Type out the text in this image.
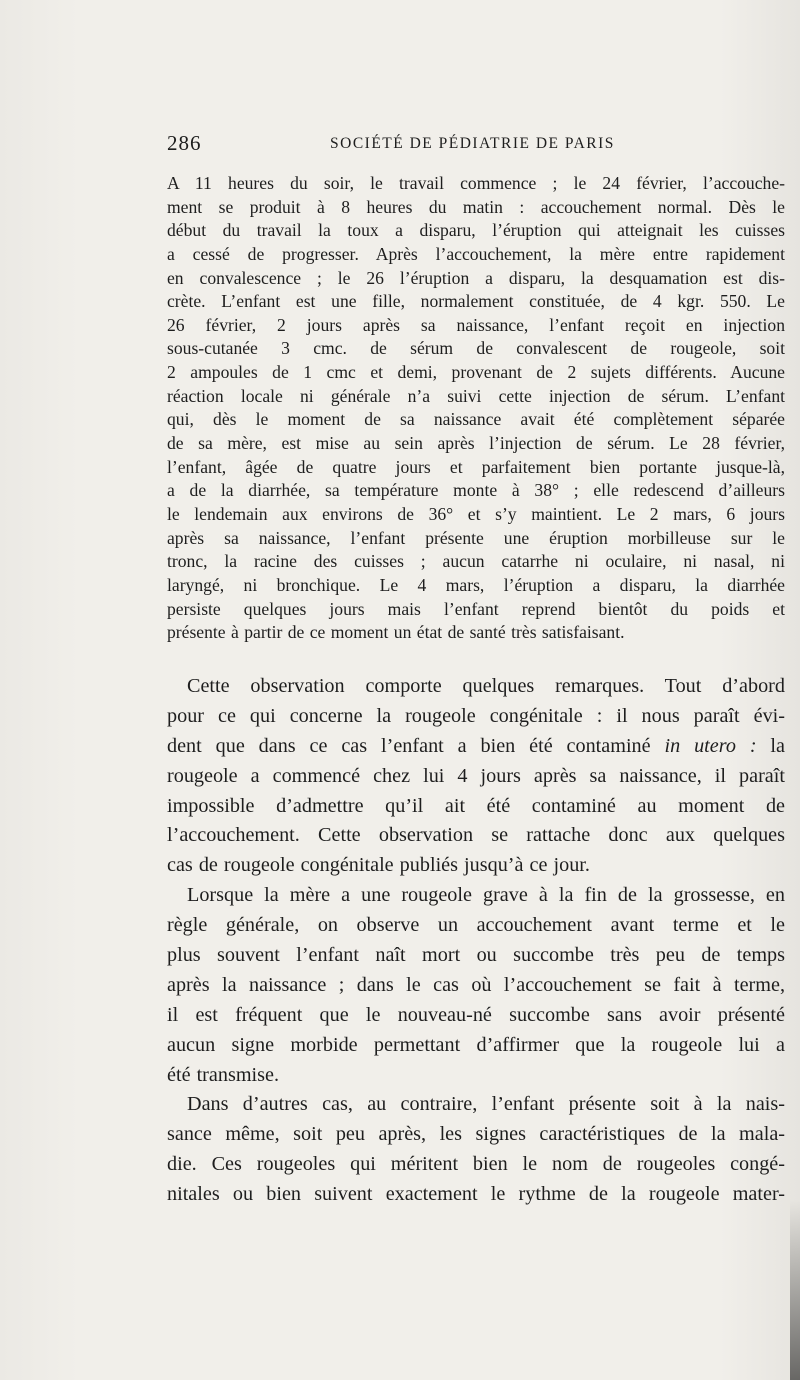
286	SOCIÉTÉ DE PÉDIATRIE DE PARIS
A 11 heures du soir, le travail commence ; le 24 février, l’accouche-
ment se produit à 8 heures du matin : accouchement normal. Dès le
début du travail la toux a disparu, l’éruption qui atteignait les cuisses
a cessé de progresser. Après l’accouchement, la mère entre rapidement
en convalescence ; le 26 l’éruption a disparu, la desquamation est dis-
crète. L’enfant est une fille, normalement constituée, de 4 kgr. 550. Le
26 février, 2 jours après sa naissance, l’enfant reçoit en injection
sous-cutanée 3 cmc. de sérum de convalescent de rougeole, soit
2 ampoules de 1 cmc et demi, provenant de 2 sujets différents. Aucune
réaction locale ni générale n’a suivi cette injection de sérum. L’enfant
qui, dès le moment de sa naissance avait été complètement séparée
de sa mère, est mise au sein après l’injection de sérum. Le 28 février,
l’enfant, âgée de quatre jours et parfaitement bien portante jusque-là,
a de la diarrhée, sa température monte à 38° ; elle redescend d’ailleurs
le lendemain aux environs de 36° et s’y maintient. Le 2 mars, 6 jours
après sa naissance, l’enfant présente une éruption morbilleuse sur le
tronc, la racine des cuisses ; aucun catarrhe ni oculaire, ni nasal, ni
laryngé, ni bronchique. Le 4 mars, l’éruption a disparu, la diarrhée
persiste quelques jours mais l’enfant reprend bientôt du poids et
présente à partir de ce moment un état de santé très satisfaisant.
Cette observation comporte quelques remarques. Tout d’abord
pour ce qui concerne la rougeole congénitale : il nous paraît évi-
dent que dans ce cas l’enfant a bien été contaminé in utero : la
rougeole a commencé chez lui 4 jours après sa naissance, il paraît
impossible d’admettre qu’il ait été contaminé au moment de
l’accouchement. Cette observation se rattache donc aux quelques
cas de rougeole congénitale publiés jusqu’à ce jour.
Lorsque la mère a une rougeole grave à la fin de la grossesse, en
règle générale, on observe un accouchement avant terme et le
plus souvent l’enfant naît mort ou succombe très peu de temps
après la naissance ; dans le cas où l’accouchement se fait à terme,
il est fréquent que le nouveau-né succombe sans avoir présenté
aucun signe morbide permettant d’affirmer que la rougeole lui a
été transmise.
Dans d’autres cas, au contraire, l’enfant présente soit à la nais-
sance même, soit peu après, les signes caractéristiques de la mala-
die. Ces rougeoles qui méritent bien le nom de rougeoles congé-
nitales ou bien suivent exactement le rythme de la rougeole mater-
